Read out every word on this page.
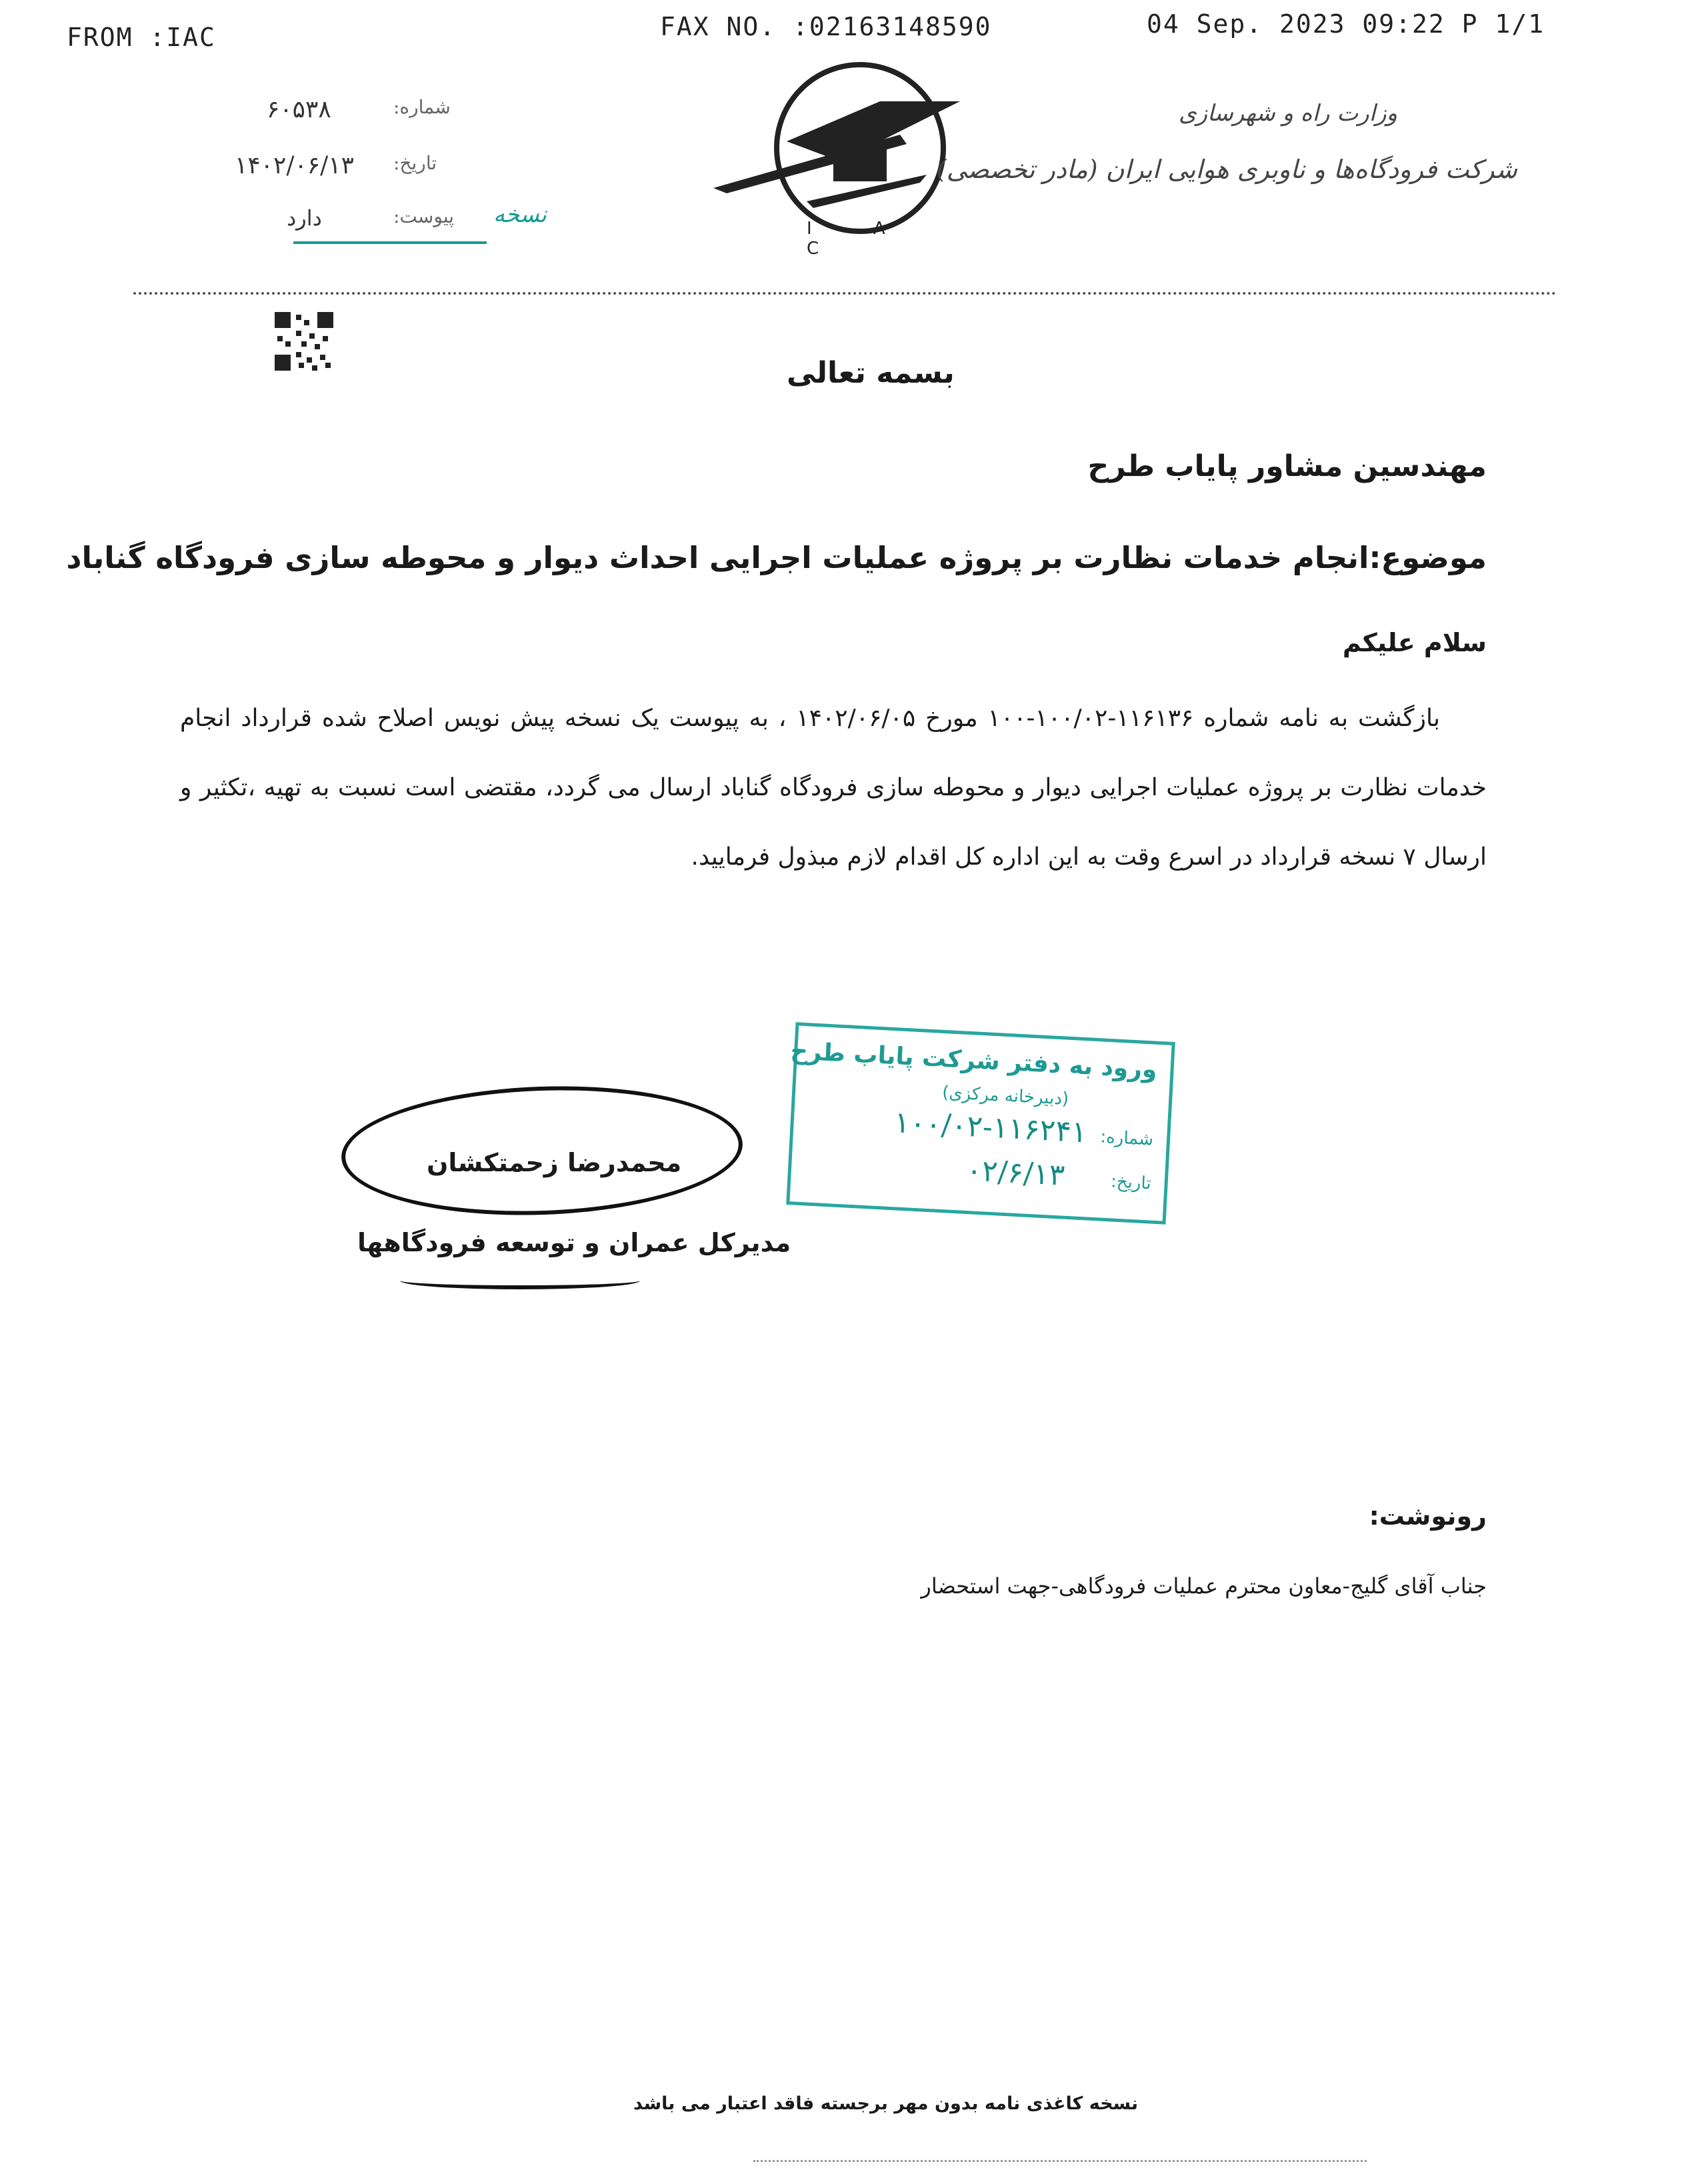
FROM :IAC	FAX NO. :02163148590	04 Sep. 2023 09:22 P 1/1
۶۰۵۳۸	شماره:
۱۴۰۲/۰۶/۱۳ تاریخ:
دارد	پیوست: نسخه
I A C
وزارت راه و شهرسازی
شرکت فرودگاه‌ها و ناوبری هوایی ایران (مادر تخصصی)
بسمه تعالی
مهندسین مشاور پایاب طرح
موضوع:انجام خدمات نظارت بر پروژه عملیات اجرایی احداث دیوار و محوطه سازی فرودگاه گناباد
سلام علیکم
بازگشت به نامه شماره ۱۱۶۱۳۶-۱۰۰/۰۲-۱۰۰ مورخ ۱۴۰۲/۰۶/۰۵ ، به پیوست یک نسخه پیش نویس اصلاح شده قرارداد انجام خدمات نظارت بر پروژه عملیات اجرایی دیوار و محوطه سازی فرودگاه گناباد ارسال می گردد، مقتضی است نسبت به تهیه ،تکثیر و ارسال ۷ نسخه قرارداد در اسرع وقت به این اداره کل اقدام لازم مبذول فرمایید.
ورود به دفتر شرکت پایاب طرح
(دبیرخانه مرکزی)
شماره:
۱۰۰/۰۲-۱۱۶۲۴۱
تاریخ:
۰۲/۶/۱۳
محمدرضا زحمتکشان
مدیرکل عمران و توسعه فرودگاهها
رونوشت:
جناب آقای گلیج-معاون محترم عملیات فرودگاهی-جهت استحضار
نسخه کاغذی نامه بدون مهر برجسته فاقد اعتبار می باشد
